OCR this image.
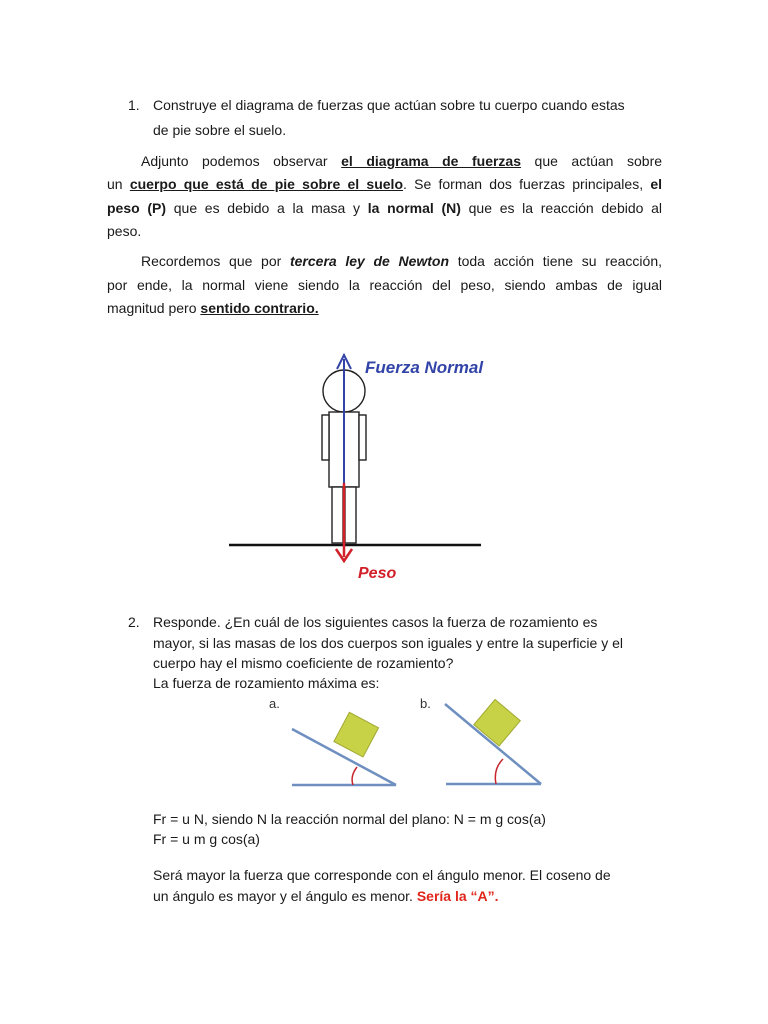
1. Construye el diagrama de fuerzas que actúan sobre tu cuerpo cuando estas
de pie sobre el suelo.
Adjunto podemos observar el diagrama de fuerzas que actúan sobre
un cuerpo que está de pie sobre el suelo. Se forman dos fuerzas principales, el
peso (P) que es debido a la masa y la normal (N) que es la reacción debido al
peso.
Recordemos que por tercera ley de Newton toda acción tiene su reacción,
por ende, la normal viene siendo la reacción del peso, siendo ambas de igual
magnitud pero sentido contrario.
Fuerza Normal
Peso
2. Responde. ¿En cuál de los siguientes casos la fuerza de rozamiento es
mayor, si las masas de los dos cuerpos son iguales y entre la superficie y el
cuerpo hay el mismo coeficiente de rozamiento?
La fuerza de rozamiento máxima es:
a.	b.
Fr = u N, siendo N la reacción normal del plano: N = m g cos(a)
Fr = u m g cos(a)
Será mayor la fuerza que corresponde con el ángulo menor. El coseno de
un ángulo es mayor y el ángulo es menor. Sería la “A”.
